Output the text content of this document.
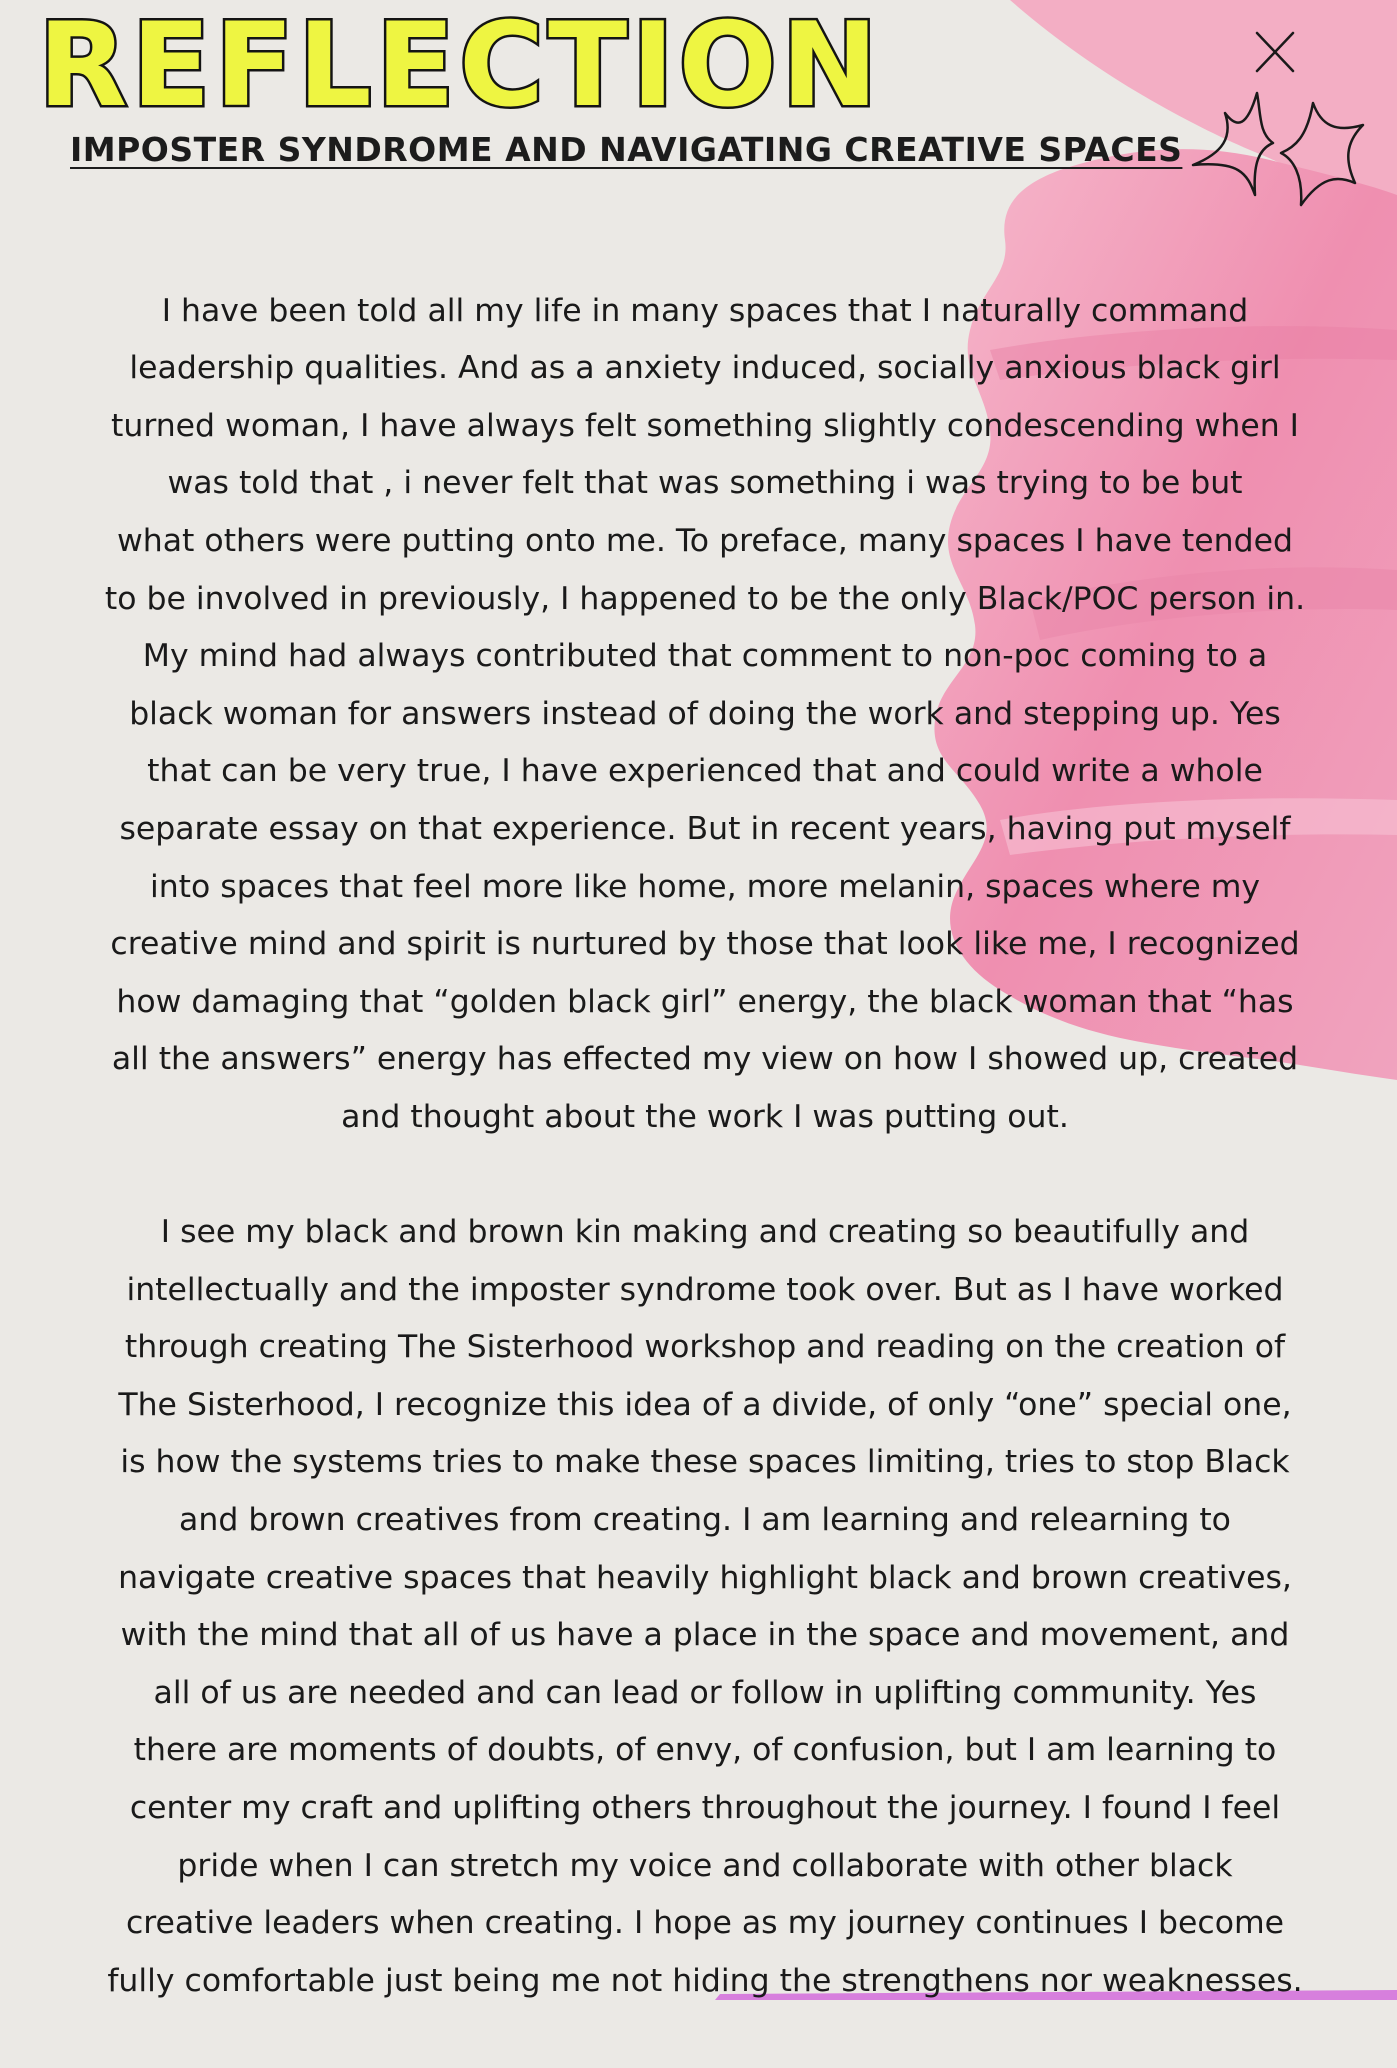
REFLECTION
IMPOSTER SYNDROME AND NAVIGATING CREATIVE SPACES

I have been told all my life in many spaces that I naturally command
leadership qualities. And as a anxiety induced, socially anxious black girl
turned woman, I have always felt something slightly condescending when I
was told that , i never felt that was something i was trying to be but
what others were putting onto me. To preface, many spaces I have tended
to be involved in previously, I happened to be the only Black/POC person in.
My mind had always contributed that comment to non-poc coming to a
black woman for answers instead of doing the work and stepping up. Yes
that can be very true, I have experienced that and could write a whole
separate essay on that experience. But in recent years, having put myself
into spaces that feel more like home, more melanin, spaces where my
creative mind and spirit is nurtured by those that look like me, I recognized
how damaging that “golden black girl” energy, the black woman that “has
all the answers” energy has effected my view on how I showed up, created
and thought about the work I was putting out.

I see my black and brown kin making and creating so beautifully and
intellectually and the imposter syndrome took over. But as I have worked
through creating The Sisterhood workshop and reading on the creation of
The Sisterhood, I recognize this idea of a divide, of only “one” special one,
is how the systems tries to make these spaces limiting, tries to stop Black
and brown creatives from creating. I am learning and relearning to
navigate creative spaces that heavily highlight black and brown creatives,
with the mind that all of us have a place in the space and movement, and
all of us are needed and can lead or follow in uplifting community. Yes
there are moments of doubts, of envy, of confusion, but I am learning to
center my craft and uplifting others throughout the journey. I found I feel
pride when I can stretch my voice and collaborate with other black
creative leaders when creating. I hope as my journey continues I become
fully comfortable just being me not hiding the strengthens nor weaknesses.
